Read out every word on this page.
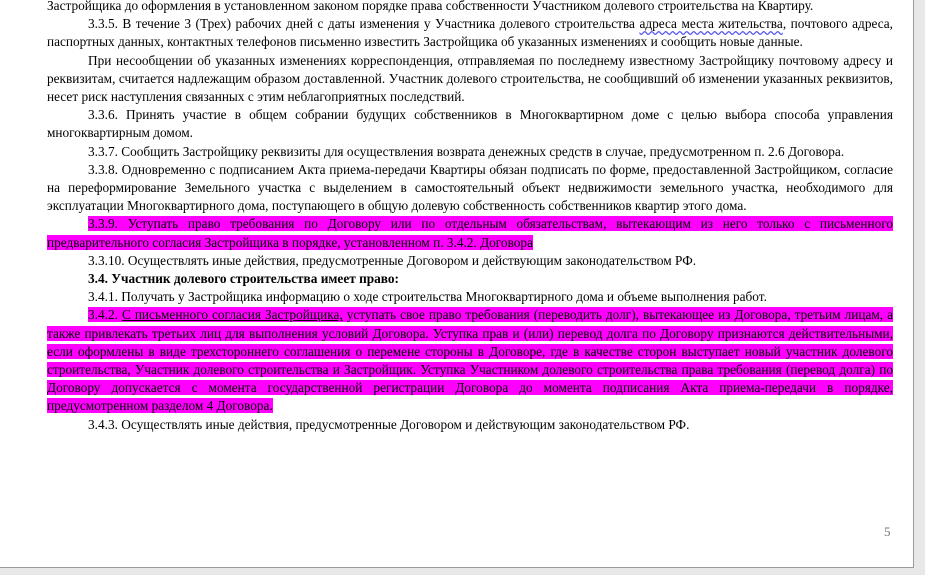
Застройщика до оформления в установленном законом порядке права собственности Участником долевого строительства на Квартиру.

3.3.5. В течение 3 (Трех) рабочих дней с даты изменения у Участника долевого строительства адреса места жительства, почтового адреса, паспортных данных, контактных телефонов письменно известить Застройщика об указанных изменениях и сообщить новые данные.

При несообщении об указанных изменениях корреспонденция, отправляемая по последнему известному Застройщику почтовому адресу и реквизитам, считается надлежащим образом доставленной. Участник долевого строительства, не сообщивший об изменении указанных реквизитов, несет риск наступления связанных с этим неблагоприятных последствий.

3.3.6. Принять участие в общем собрании будущих собственников в Многоквартирном доме с целью выбора способа управления многоквартирным домом.

3.3.7. Сообщить Застройщику реквизиты для осуществления возврата денежных средств в случае, предусмотренном п. 2.6 Договора.

3.3.8. Одновременно с подписанием Акта приема-передачи Квартиры обязан подписать по форме, предоставленной Застройщиком, согласие на переформирование Земельного участка с выделением в самостоятельный объект недвижимости земельного участка, необходимого для эксплуатации Многоквартирного дома, поступающего в общую долевую собственность собственников квартир этого дома.

3.3.9. Уступать право требования по Договору или по отдельным обязательствам, вытекающим из него только с письменного предварительного согласия Застройщика в порядке, установленном п. 3.4.2. Договора

3.3.10. Осуществлять иные действия, предусмотренные Договором и действующим законодательством РФ.

3.4. Участник долевого строительства имеет право:

3.4.1. Получать у Застройщика информацию о ходе строительства Многоквартирного дома и объеме выполнения работ.

3.4.2. С письменного согласия Застройщика, уступать свое право требования (переводить долг), вытекающее из Договора, третьим лицам, а также привлекать третьих лиц для выполнения условий Договора. Уступка прав и (или) перевод долга по Договору признаются действительными, если оформлены в виде трехстороннего соглашения о перемене стороны в Договоре, где в качестве сторон выступает новый участник долевого строительства, Участник долевого строительства и Застройщик. Уступка Участником долевого строительства права требования (перевод долга) по Договору допускается с момента государственной регистрации Договора до момента подписания Акта приема-передачи в порядке, предусмотренном разделом 4 Договора.

3.4.3. Осуществлять иные действия, предусмотренные Договором и действующим законодательством РФ.

5
